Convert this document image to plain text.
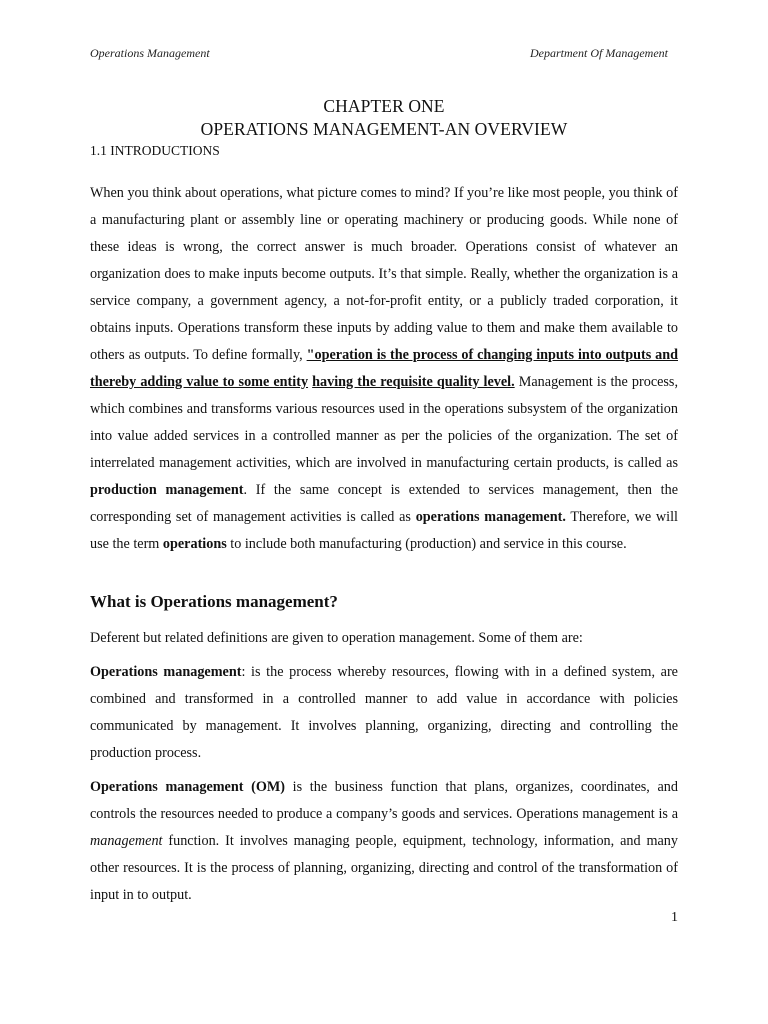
Operations Management	Department Of Management
CHAPTER ONE
OPERATIONS MANAGEMENT-AN OVERVIEW
1.1 INTRODUCTIONS
When you think about operations, what picture comes to mind? If you’re like most people, you think of a manufacturing plant or assembly line or operating machinery or producing goods. While none of these ideas is wrong, the correct answer is much broader. Operations consist of whatever an organization does to make inputs become outputs. It’s that simple. Really, whether the organization is a service company, a government agency, a not-for-profit entity, or a publicly traded corporation, it obtains inputs. Operations transform these inputs by adding value to them and make them available to others as outputs. To define formally, "operation is the process of changing inputs into outputs and thereby adding value to some entity having the requisite quality level. Management is the process, which combines and transforms various resources used in the operations subsystem of the organization into value added services in a controlled manner as per the policies of the organization. The set of interrelated management activities, which are involved in manufacturing certain products, is called as production management. If the same concept is extended to services management, then the corresponding set of management activities is called as operations management. Therefore, we will use the term operations to include both manufacturing (production) and service in this course.
What is Operations management?
Deferent but related definitions are given to operation management. Some of them are:
Operations management: is the process whereby resources, flowing with in a defined system, are combined and transformed in a controlled manner to add value in accordance with policies communicated by management. It involves planning, organizing, directing and controlling the production process.
Operations management (OM) is the business function that plans, organizes, coordinates, and controls the resources needed to produce a company’s goods and services. Operations management is a management function. It involves managing people, equipment, technology, information, and many other resources. It is the process of planning, organizing, directing and control of the transformation of input in to output.
1
